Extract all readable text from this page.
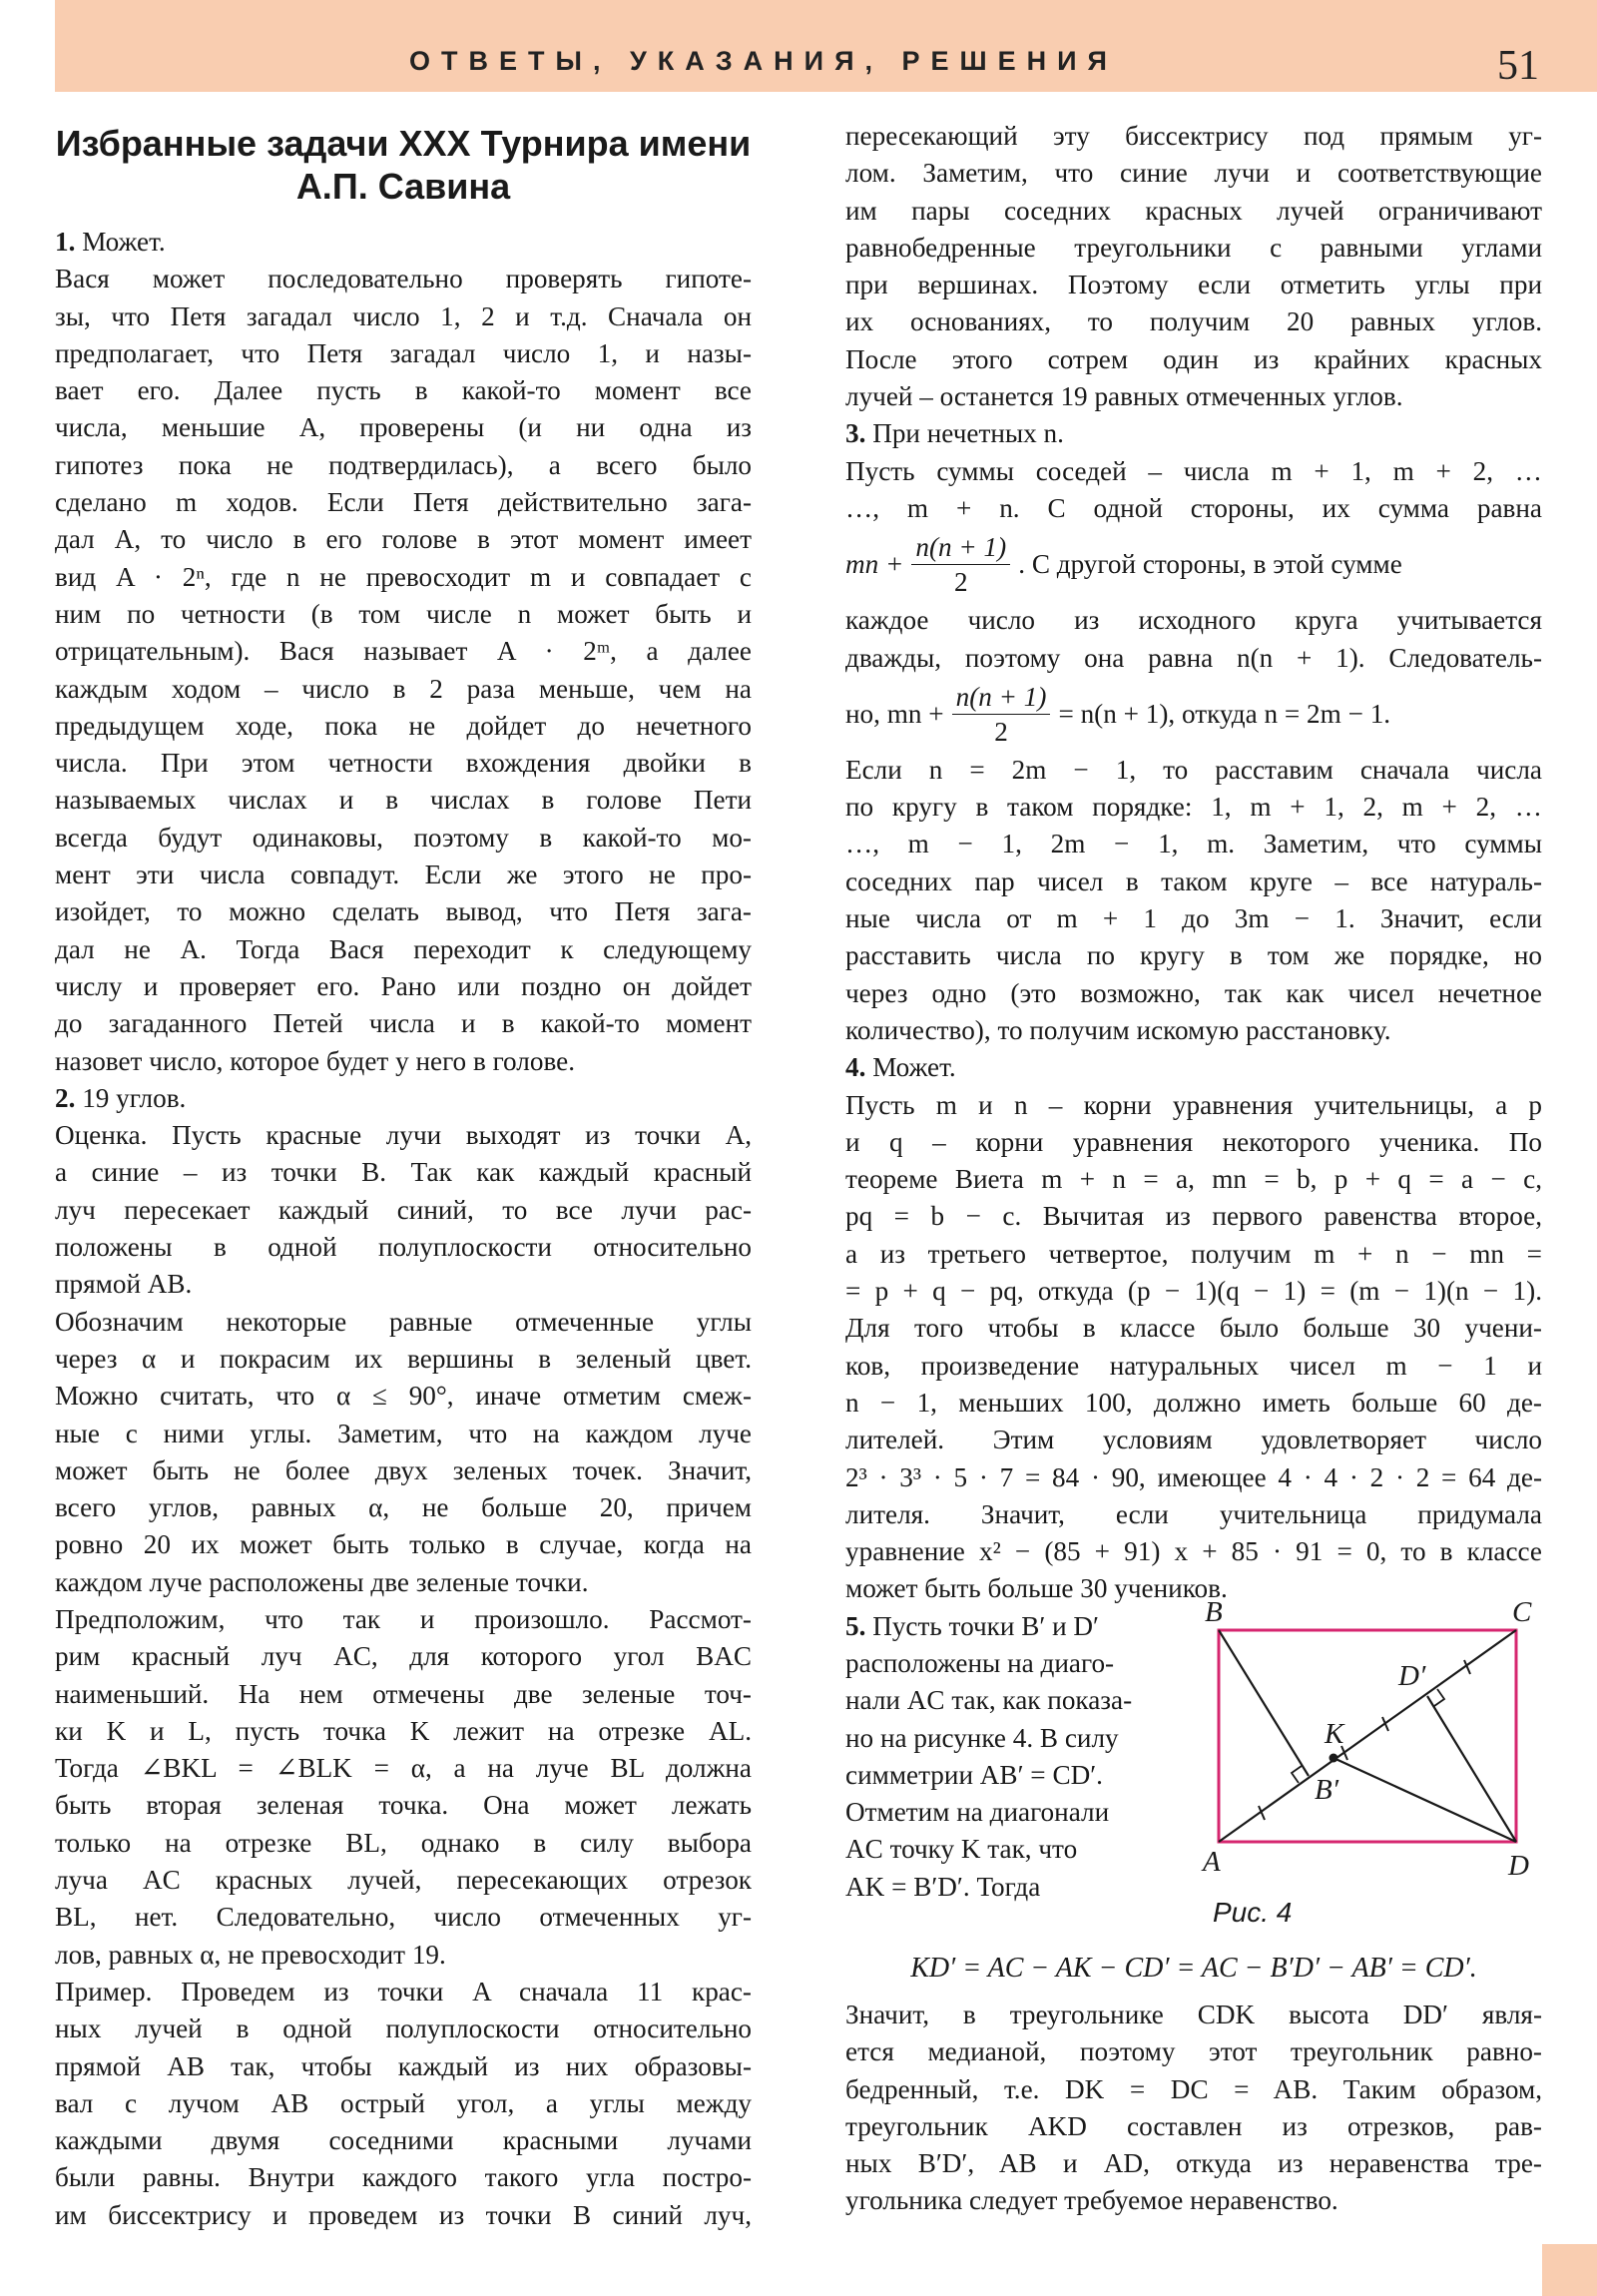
ОТВЕТЫ, УКАЗАНИЯ, РЕШЕНИЯ	51
Избранные задачи XXX Турнира имени А.П. Савина

1. Может.

Вася может последовательно проверять гипоте-

зы, что Петя загадал число 1, 2 и т.д. Сначала он

предполагает, что Петя загадал число 1, и назы-

вает его. Далее пусть в какой-то момент все

числа, меньшие A, проверены (и ни одна из

гипотез пока не подтвердилась), а всего было

сделано m ходов. Если Петя действительно зага-

дал A, то число в его голове в этот момент имеет

вид A · 2ⁿ, где n не превосходит m и совпадает с

ним по четности (в том числе n может быть и

отрицательным). Вася называет A · 2ᵐ, а далее

каждым ходом – число в 2 раза меньше, чем на

предыдущем ходе, пока не дойдет до нечетного

числа. При этом четности вхождения двойки в

называемых числах и в числах в голове Пети

всегда будут одинаковы, поэтому в какой-то мо-

мент эти числа совпадут. Если же этого не про-

изойдет, то можно сделать вывод, что Петя зага-

дал не A. Тогда Вася переходит к следующему

числу и проверяет его. Рано или поздно он дойдет

до загаданного Петей числа и в какой-то момент

назовет число, которое будет у него в голове.

2. 19 углов.

Оценка. Пусть красные лучи выходят из точки A,

а синие – из точки B. Так как каждый красный

луч пересекает каждый синий, то все лучи рас-

положены в одной полуплоскости относительно

прямой AB.

Обозначим некоторые равные отмеченные углы

через α и покрасим их вершины в зеленый цвет.

Можно считать, что α ≤ 90°, иначе отметим смеж-

ные с ними углы. Заметим, что на каждом луче

может быть не более двух зеленых точек. Значит,

всего углов, равных α, не больше 20, причем

ровно 20 их может быть только в случае, когда на

каждом луче расположены две зеленые точки.

Предположим, что так и произошло. Рассмот-

рим красный луч AC, для которого угол BAC

наименьший. На нем отмечены две зеленые точ-

ки K и L, пусть точка K лежит на отрезке AL.

Тогда ∠BKL = ∠BLK = α, а на луче BL должна

быть вторая зеленая точка. Она может лежать

только на отрезке BL, однако в силу выбора

луча AC красных лучей, пересекающих отрезок

BL, нет. Следовательно, число отмеченных уг-

лов, равных α, не превосходит 19.

Пример. Проведем из точки A сначала 11 крас-

ных лучей в одной полуплоскости относительно

прямой AB так, чтобы каждый из них образовы-

вал с лучом AB острый угол, а углы между

каждыми двумя соседними красными лучами

были равны. Внутри каждого такого угла постро-

им биссектрису и проведем из точки B синий луч,

пересекающий эту биссектрису под прямым уг-

лом. Заметим, что синие лучи и соответствующие

им пары соседних красных лучей ограничивают

равнобедренные треугольники с равными углами

при вершинах. Поэтому если отметить углы при

их основаниях, то получим 20 равных углов.

После этого сотрем один из крайних красных

лучей – останется 19 равных отмеченных углов.

3. При нечетных n.

Пусть суммы соседей – числа m + 1, m + 2, …

…, m + n. С одной стороны, их сумма равна

mn + $\frac{n(n + 1)}{2}$ . С другой стороны, в этой сумме

каждое число из исходного круга учитывается

дважды, поэтому она равна n(n + 1). Следователь-

но, mn + $\frac{n(n + 1)}{2} = n(n + 1)$, откуда n = 2m − 1.

Если n = 2m − 1, то расставим сначала числа

по кругу в таком порядке: 1, m + 1, 2, m + 2, …

…, m − 1, 2m − 1, m. Заметим, что суммы

соседних пар чисел в таком круге – все натураль-

ные числа от m + 1 до 3m − 1. Значит, если

расставить числа по кругу в том же порядке, но

через одно (это возможно, так как чисел нечетное

количество), то получим искомую расстановку.

4. Может.

Пусть m и n – корни уравнения учительницы, а p

и q – корни уравнения некоторого ученика. По

теореме Виета m + n = a, mn = b, p + q = a − c,

pq = b − c. Вычитая из первого равенства второе,

а из третьего четвертое, получим m + n − mn =

= p + q − pq, откуда (p − 1)(q − 1) = (m − 1)(n − 1).

Для того чтобы в классе было больше 30 учени-

ков, произведение натуральных чисел m − 1 и

n − 1, меньших 100, должно иметь больше 60 де-

лителей. Этим условиям удовлетворяет число

2³ · 3³ · 5 · 7 = 84 · 90, имеющее 4 · 4 · 2 · 2 = 64 де-

лителя. Значит, если учительница придумала

уравнение x² − (85 + 91) x + 85 · 91 = 0, то в классе

может быть больше 30 учеников.

5. Пусть точки B′ и D′

расположены на диаго-

нали AC так, как показа-

но на рисунке 4. В силу

симметрии AB′ = CD′.

Отметим на диагонали

AC точку K так, что

AK = B′D′. Тогда

B	C
A	D
K
B′
D′
Рис. 4

KD′ = AC − AK − CD′ = AC − B′D′ − AB′ = CD′.

Значит, в треугольнике CDK высота DD′ явля-

ется медианой, поэтому этот треугольник равно-

бедренный, т.е. DK = DC = AB. Таким образом,

треугольник AKD составлен из отрезков, рав-

ных B′D′, AB и AD, откуда из неравенства тре-

угольника следует требуемое неравенство.
